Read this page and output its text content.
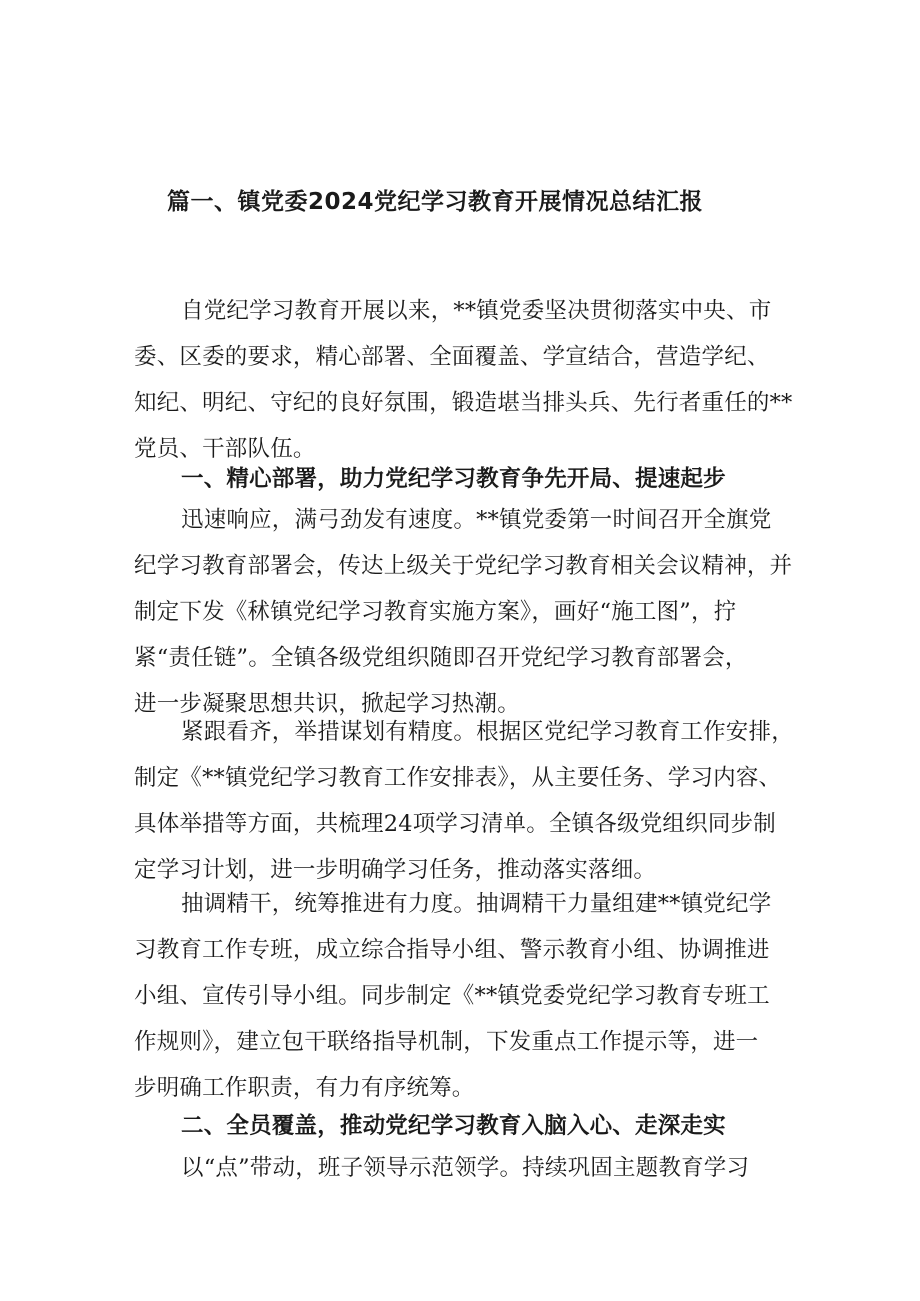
篇一、镇党委2024党纪学习教育开展情况总结汇报

自党纪学习教育开展以来，**镇党委坚决贯彻落实中央、市
委、区委的要求，精心部署、全面覆盖、学宣结合，营造学纪、
知纪、明纪、守纪的良好氛围，锻造堪当排头兵、先行者重任的**
党员、干部队伍。

一、精心部署，助力党纪学习教育争先开局、提速起步

迅速响应，满弓劲发有速度。**镇党委第一时间召开全旗党
纪学习教育部署会，传达上级关于党纪学习教育相关会议精神，并
制定下发《秫镇党纪学习教育实施方案》，画好“施工图”，拧
紧“责任链”。全镇各级党组织随即召开党纪学习教育部署会，
进一步凝聚思想共识，掀起学习热潮。

紧跟看齐，举措谋划有精度。根据区党纪学习教育工作安排，
制定《**镇党纪学习教育工作安排表》，从主要任务、学习内容、
具体举措等方面，共梳理24项学习清单。全镇各级党组织同步制
定学习计划，进一步明确学习任务，推动落实落细。

抽调精干，统筹推进有力度。抽调精干力量组建**镇党纪学
习教育工作专班，成立综合指导小组、警示教育小组、协调推进
小组、宣传引导小组。同步制定《**镇党委党纪学习教育专班工
作规则》，建立包干联络指导机制，下发重点工作提示等，进一
步明确工作职责，有力有序统筹。

二、全员覆盖，推动党纪学习教育入脑入心、走深走实

以“点”带动，班子领导示范领学。持续巩固主题教育学习
